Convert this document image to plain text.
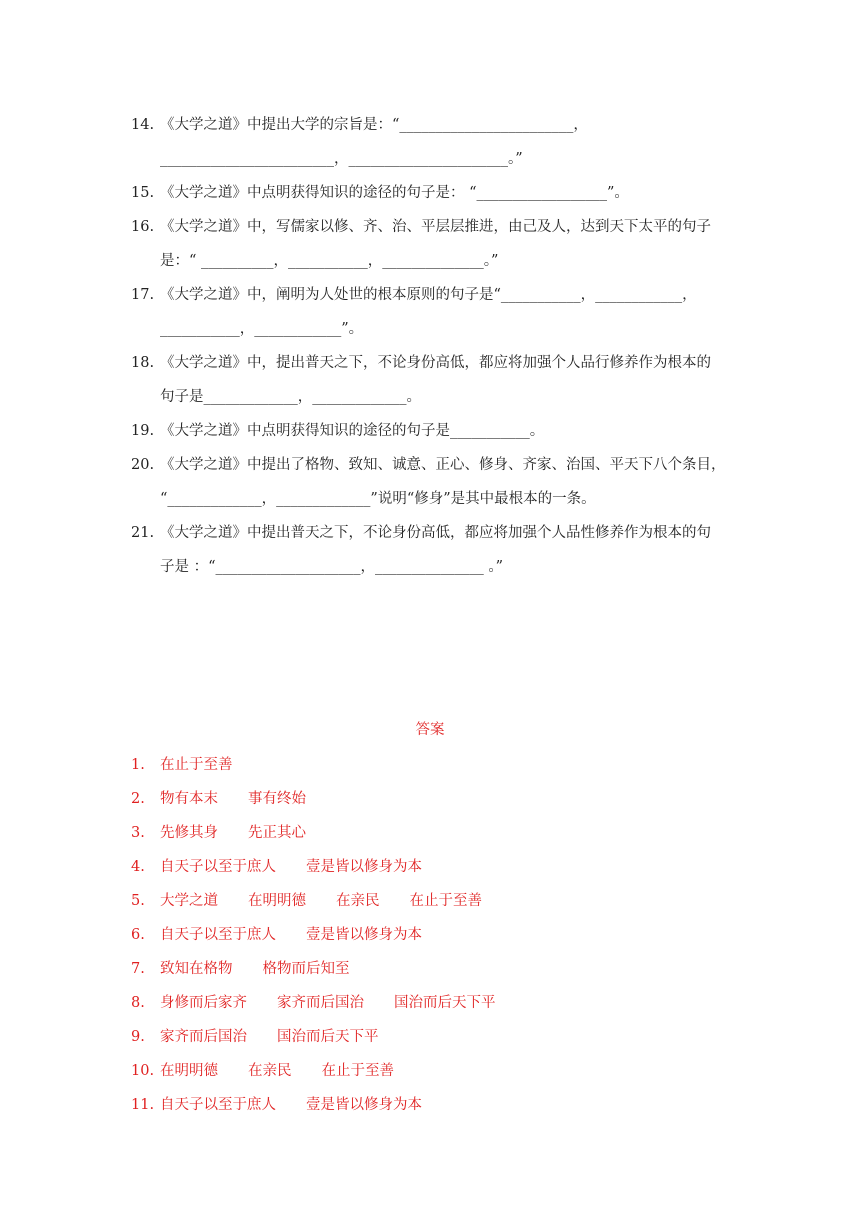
14. 《大学之道》中提出大学的宗旨是：“________________________，
________________________，______________________。”
15. 《大学之道》中点明获得知识的途径的句子是： “__________________”。
16. 《大学之道》中，写儒家以修、齐、治、平层层推进，由己及人，达到天下太平的句子
是：“ __________，___________，______________。”
17. 《大学之道》中，阐明为人处世的根本原则的句子是“___________，____________，
___________，____________”。
18. 《大学之道》中，提出普天之下，不论身份高低，都应将加强个人品行修养作为根本的
句子是_____________，_____________。
19. 《大学之道》中点明获得知识的途径的句子是___________。
20. 《大学之道》中提出了格物、致知、诚意、正心、修身、齐家、治国、平天下八个条目，
“_____________，_____________”说明“修身”是其中最根本的一条。
21. 《大学之道》中提出普天之下，不论身份高低，都应将加强个人品性修养作为根本的句
子是 ：“____________________，_______________ 。”
答案
1.	在止于至善
2.	物有本末 事有终始
3.	先修其身 先正其心
4.	自天子以至于庶人 壹是皆以修身为本
5.	大学之道 在明明德 在亲民 在止于至善
6.	自天子以至于庶人 壹是皆以修身为本
7.	致知在格物 格物而后知至
8.	身修而后家齐 家齐而后国治 国治而后天下平
9.	家齐而后国治 国治而后天下平
10. 在明明德 在亲民 在止于至善
11. 自天子以至于庶人 壹是皆以修身为本
